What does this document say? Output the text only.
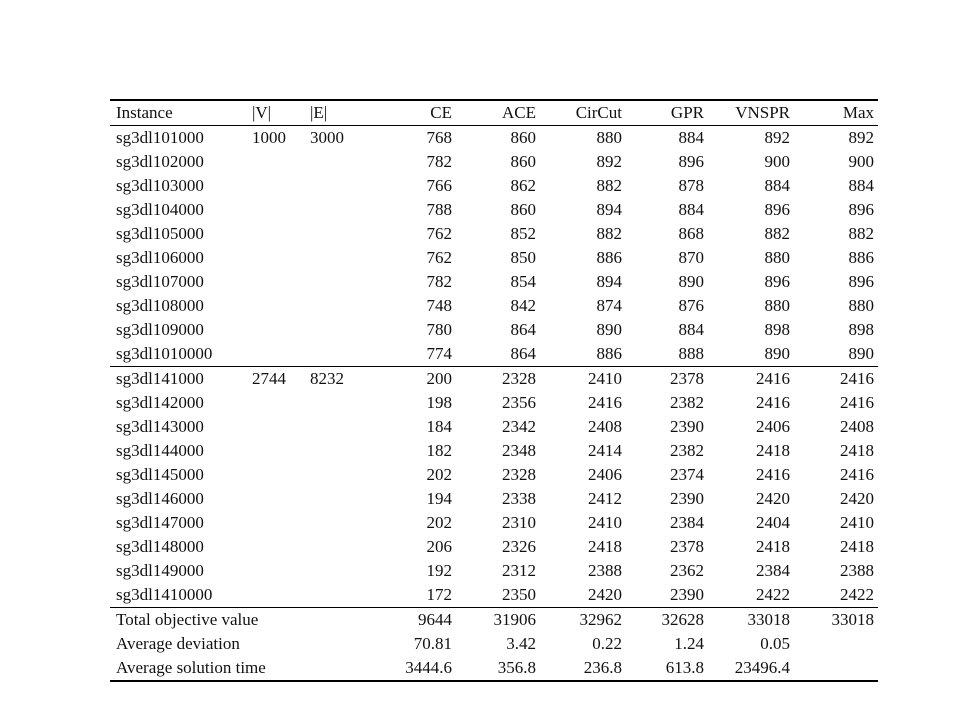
Instance	|V|	|E|	CE	ACE	CirCut	GPR	VNSPR	Max
sg3dl101000	1000	3000	768	860	880	884	892	892
sg3dl102000			782	860	892	896	900	900
sg3dl103000			766	862	882	878	884	884
sg3dl104000			788	860	894	884	896	896
sg3dl105000			762	852	882	868	882	882
sg3dl106000			762	850	886	870	880	886
sg3dl107000			782	854	894	890	896	896
sg3dl108000			748	842	874	876	880	880
sg3dl109000			780	864	890	884	898	898
sg3dl1010000			774	864	886	888	890	890
sg3dl141000	2744	8232	200	2328	2410	2378	2416	2416
sg3dl142000			198	2356	2416	2382	2416	2416
sg3dl143000			184	2342	2408	2390	2406	2408
sg3dl144000			182	2348	2414	2382	2418	2418
sg3dl145000			202	2328	2406	2374	2416	2416
sg3dl146000			194	2338	2412	2390	2420	2420
sg3dl147000			202	2310	2410	2384	2404	2410
sg3dl148000			206	2326	2418	2378	2418	2418
sg3dl149000			192	2312	2388	2362	2384	2388
sg3dl1410000			172	2350	2420	2390	2422	2422
Total objective value			9644	31906	32962	32628	33018	33018
Average deviation			70.81	3.42	0.22	1.24	0.05	
Average solution time			3444.6	356.8	236.8	613.8	23496.4	
